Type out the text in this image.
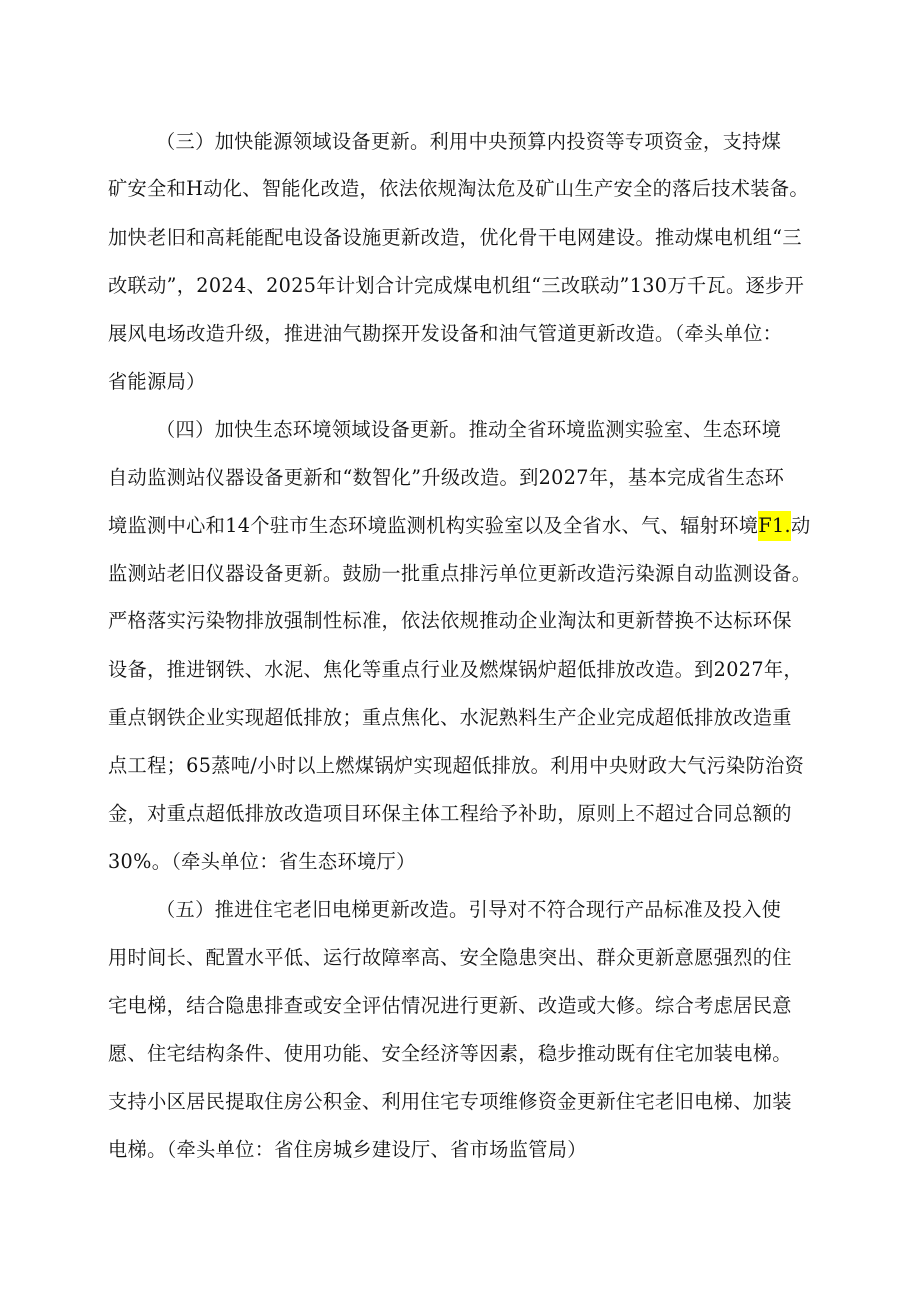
（三）加快能源领域设备更新。利用中央预算内投资等专项资金，支持煤
矿安全和H动化、智能化改造，依法依规淘汰危及矿山生产安全的落后技术装备。
加快老旧和高耗能配电设备设施更新改造，优化骨干电网建设。推动煤电机组“三
改联动”，2024、2025年计划合计完成煤电机组“三改联动”130万千瓦。逐步开
展风电场改造升级，推进油气勘探开发设备和油气管道更新改造。（牵头单位：
省能源局）
（四）加快生态环境领域设备更新。推动全省环境监测实验室、生态环境
自动监测站仪器设备更新和“数智化”升级改造。到2027年，基本完成省生态环
境监测中心和14个驻市生态环境监测机构实验室以及全省水、气、辐射环境F1.动
监测站老旧仪器设备更新。鼓励一批重点排污单位更新改造污染源自动监测设备。
严格落实污染物排放强制性标准，依法依规推动企业淘汰和更新替换不达标环保
设备，推进钢铁、水泥、焦化等重点行业及燃煤锅炉超低排放改造。到2027年，
重点钢铁企业实现超低排放；重点焦化、水泥熟料生产企业完成超低排放改造重
点工程；65蒸吨/小时以上燃煤锅炉实现超低排放。利用中央财政大气污染防治资
金，对重点超低排放改造项目环保主体工程给予补助，原则上不超过合同总额的
30%。（牵头单位：省生态环境厅）
（五）推进住宅老旧电梯更新改造。引导对不符合现行产品标准及投入使
用时间长、配置水平低、运行故障率高、安全隐患突出、群众更新意愿强烈的住
宅电梯，结合隐患排查或安全评估情况进行更新、改造或大修。综合考虑居民意
愿、住宅结构条件、使用功能、安全经济等因素，稳步推动既有住宅加装电梯。
支持小区居民提取住房公积金、利用住宅专项维修资金更新住宅老旧电梯、加装
电梯。（牵头单位：省住房城乡建设厅、省市场监管局）
